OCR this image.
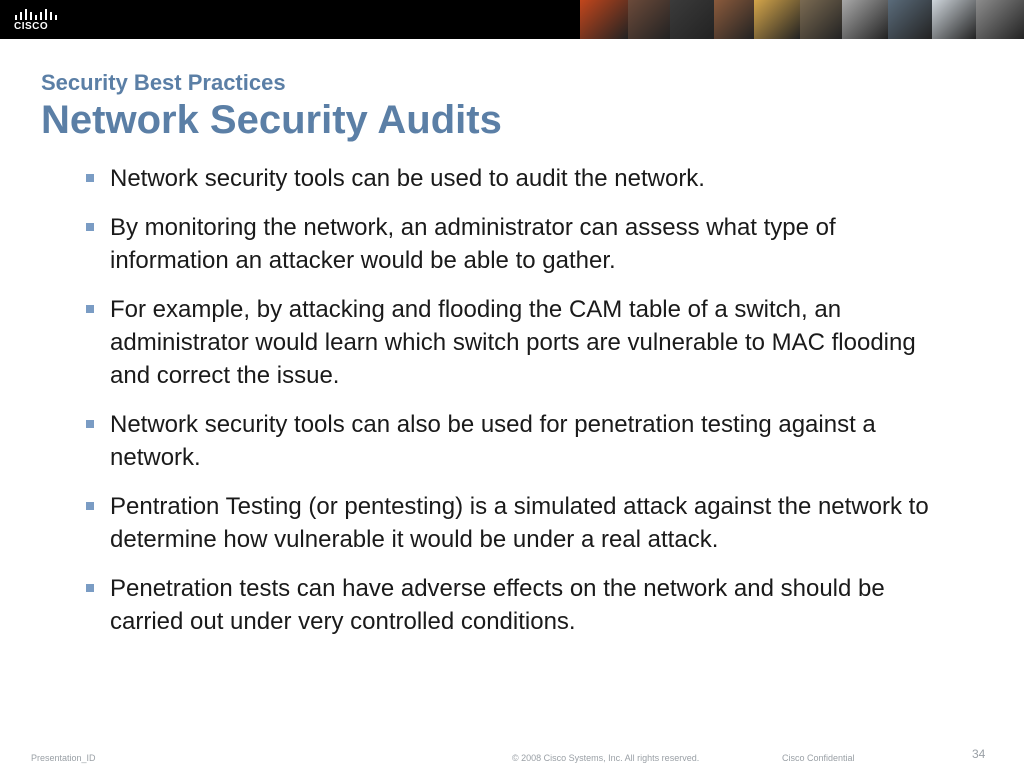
CISCO
Security Best Practices
Network Security Audits
Network security tools can be used to audit the network.
By monitoring the network, an administrator can assess what type of information an attacker would be able to gather.
For example, by attacking and flooding the CAM table of a switch, an administrator would learn which switch ports are vulnerable to MAC flooding and correct the issue.
Network security tools can also be used for penetration testing against a network.
Pentration Testing (or pentesting) is a simulated attack against the network to determine how vulnerable it would be under a real attack.
Penetration tests can have adverse effects on the network and should be carried out under very controlled conditions.
Presentation_ID	© 2008 Cisco Systems, Inc. All rights reserved.	Cisco Confidential	34
